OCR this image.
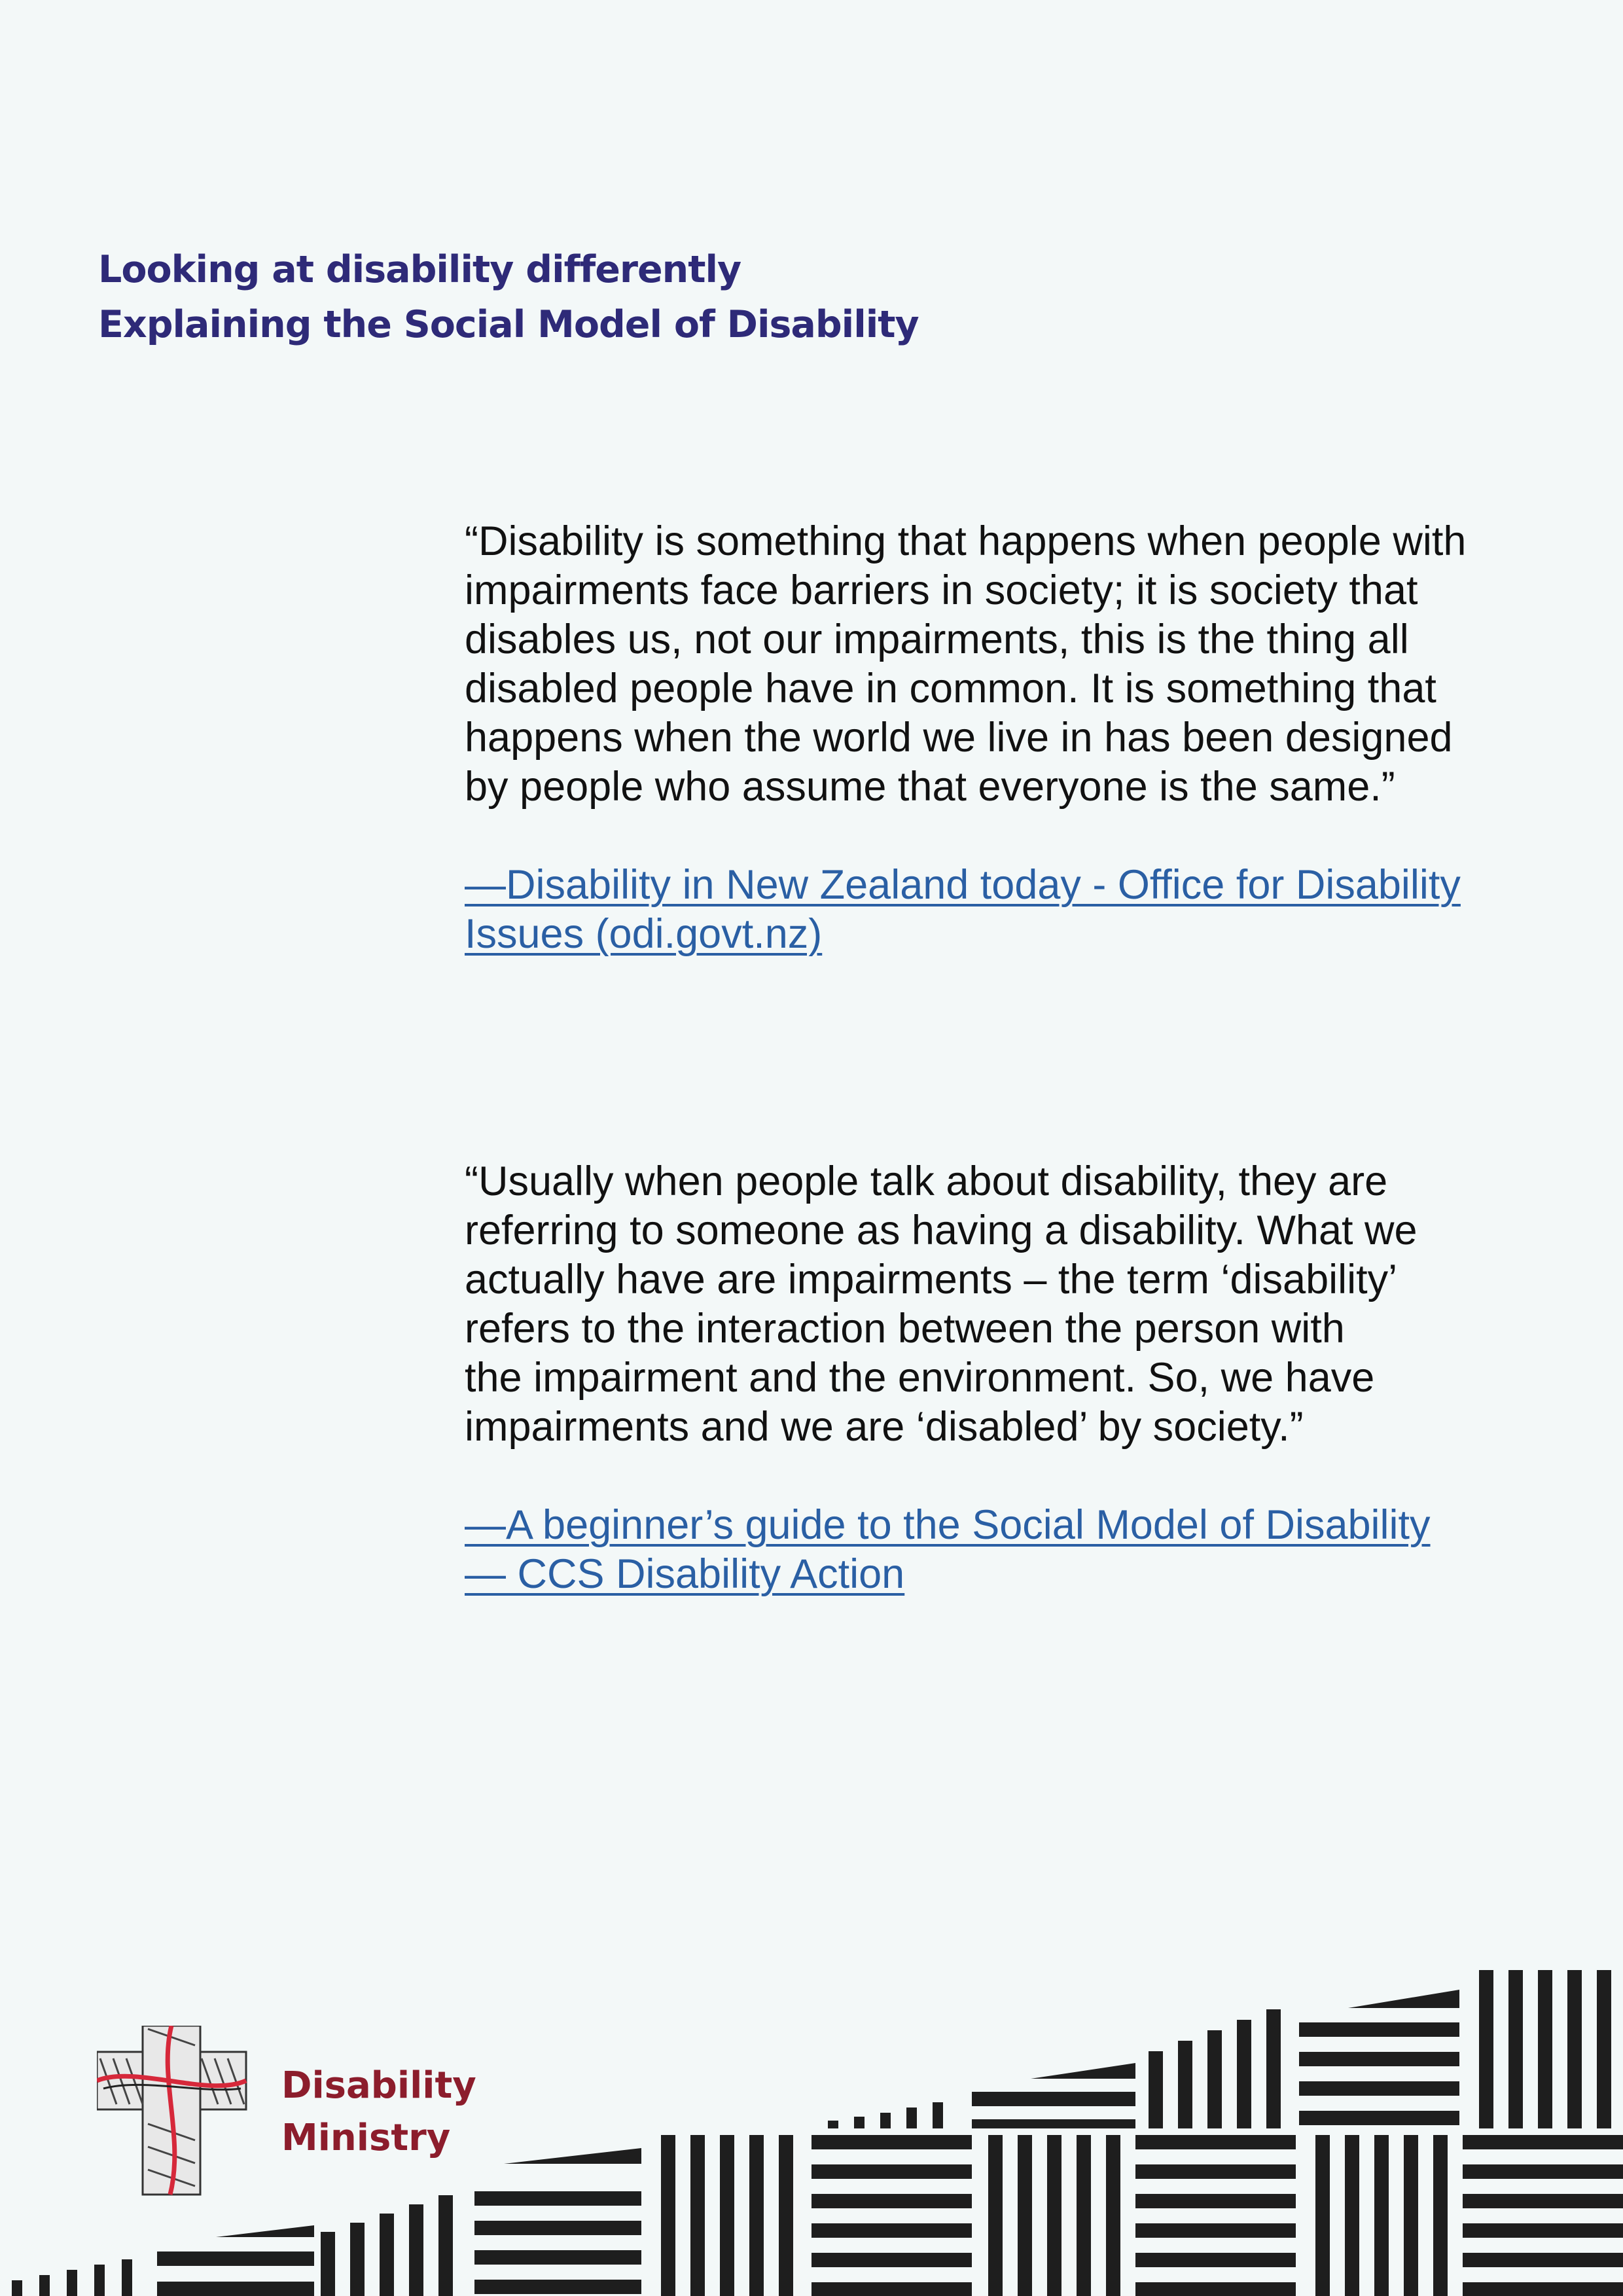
Looking at disability differently
Explaining the Social Model of Disability

“Disability is something that happens when people with
impairments face barriers in society; it is society that
disables us, not our impairments, this is the thing all
disabled people have in common. It is something that
happens when the world we live in has been designed
by people who assume that everyone is the same.”

—Disability in New Zealand today - Office for Disability
Issues (odi.govt.nz)

“Usually when people talk about disability, they are
referring to someone as having a disability. What we
actually have are impairments – the term ‘disability’
refers to the interaction between the person with
the impairment and the environment. So, we have
impairments and we are ‘disabled’ by society.”

—A beginner’s guide to the Social Model of Disability
— CCS Disability Action

Disability
Ministry
